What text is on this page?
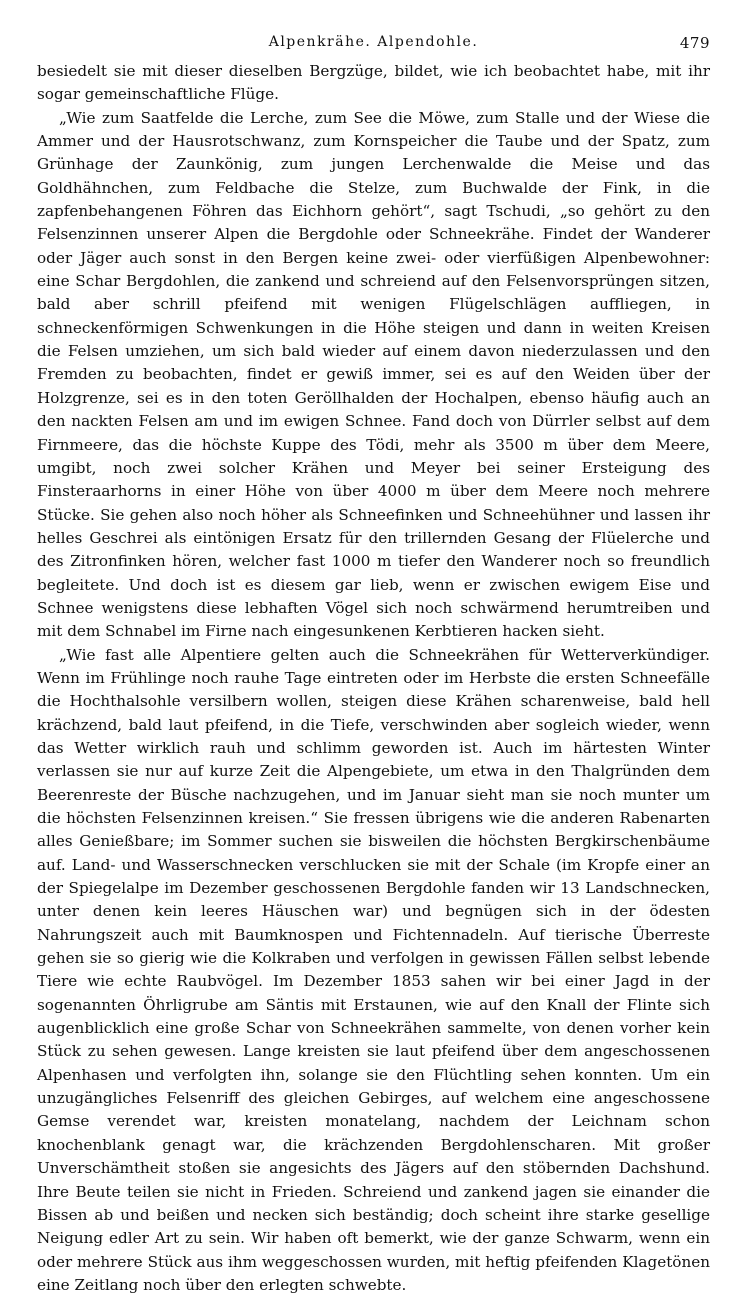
Alpenkrähe. Alpendohle.	479

besiedelt sie mit dieser dieselben Bergzüge, bildet, wie ich beobachtet habe, mit ihr sogar gemeinschaftliche Flüge.

„Wie zum Saatfelde die Lerche, zum See die Möwe, zum Stalle und der Wiese die Ammer und der Hausrotschwanz, zum Kornspeicher die Taube und der Spatz, zum Grünhage der Zaunkönig, zum jungen Lerchenwalde die Meise und das Goldhähnchen, zum Feldbache die Stelze, zum Buchwalde der Fink, in die zapfenbehangenen Föhren das Eichhorn gehört“, sagt Tschudi, „so gehört zu den Felsenzinnen unserer Alpen die Bergdohle oder Schneekrähe. Findet der Wanderer oder Jäger auch sonst in den Bergen keine zwei- oder vierfüßigen Alpenbewohner: eine Schar Bergdohlen, die zankend und schreiend auf den Felsenvorsprüngen sitzen, bald aber schrill pfeifend mit wenigen Flügelschlägen auffliegen, in schneckenförmigen Schwenkungen in die Höhe steigen und dann in weiten Kreisen die Felsen umziehen, um sich bald wieder auf einem davon niederzulassen und den Fremden zu beobachten, findet er gewiß immer, sei es auf den Weiden über der Holzgrenze, sei es in den toten Geröllhalden der Hochalpen, ebenso häufig auch an den nackten Felsen am und im ewigen Schnee. Fand doch von Dürrler selbst auf dem Firnmeere, das die höchste Kuppe des Tödi, mehr als 3500 m über dem Meere, umgibt, noch zwei solcher Krähen und Meyer bei seiner Ersteigung des Finsteraarhorns in einer Höhe von über 4000 m über dem Meere noch mehrere Stücke. Sie gehen also noch höher als Schneefinken und Schneehühner und lassen ihr helles Geschrei als eintönigen Ersatz für den trillernden Gesang der Flüelerche und des Zitronfinken hören, welcher fast 1000 m tiefer den Wanderer noch so freundlich begleitete. Und doch ist es diesem gar lieb, wenn er zwischen ewigem Eise und Schnee wenigstens diese lebhaften Vögel sich noch schwärmend herumtreiben und mit dem Schnabel im Firne nach eingesunkenen Kerbtieren hacken sieht.

„Wie fast alle Alpentiere gelten auch die Schneekrähen für Wetterverkündiger. Wenn im Frühlinge noch rauhe Tage eintreten oder im Herbste die ersten Schneefälle die Hochthalsohle versilbern wollen, steigen diese Krähen scharenweise, bald hell krächzend, bald laut pfeifend, in die Tiefe, verschwinden aber sogleich wieder, wenn das Wetter wirklich rauh und schlimm geworden ist. Auch im härtesten Winter verlassen sie nur auf kurze Zeit die Alpengebiete, um etwa in den Thalgründen dem Beerenreste der Büsche nachzugehen, und im Januar sieht man sie noch munter um die höchsten Felsenzinnen kreisen.“ Sie fressen übrigens wie die anderen Rabenarten alles Genießbare; im Sommer suchen sie bisweilen die höchsten Bergkirschenbäume auf. Land- und Wasserschnecken verschlucken sie mit der Schale (im Kropfe einer an der Spiegelalpe im Dezember geschossenen Bergdohle fanden wir 13 Landschnecken, unter denen kein leeres Häuschen war) und begnügen sich in der ödesten Nahrungszeit auch mit Baumknospen und Fichtennadeln. Auf tierische Überreste gehen sie so gierig wie die Kolkraben und verfolgen in gewissen Fällen selbst lebende Tiere wie echte Raubvögel. Im Dezember 1853 sahen wir bei einer Jagd in der sogenannten Öhrligrube am Säntis mit Erstaunen, wie auf den Knall der Flinte sich augenblicklich eine große Schar von Schneekrähen sammelte, von denen vorher kein Stück zu sehen gewesen. Lange kreisten sie laut pfeifend über dem angeschossenen Alpenhasen und verfolgten ihn, solange sie den Flüchtling sehen konnten. Um ein unzugängliches Felsenriff des gleichen Gebirges, auf welchem eine angeschossene Gemse verendet war, kreisten monatelang, nachdem der Leichnam schon knochenblank genagt war, die krächzenden Bergdohlenscharen. Mit großer Unverschämtheit stoßen sie angesichts des Jägers auf den stöbernden Dachshund. Ihre Beute teilen sie nicht in Frieden. Schreiend und zankend jagen sie einander die Bissen ab und beißen und necken sich beständig; doch scheint ihre starke gesellige Neigung edler Art zu sein. Wir haben oft bemerkt, wie der ganze Schwarm, wenn ein oder mehrere Stück aus ihm weggeschossen wurden, mit heftig pfeifenden Klagetönen eine Zeitlang noch über den erlegten schwebte.
